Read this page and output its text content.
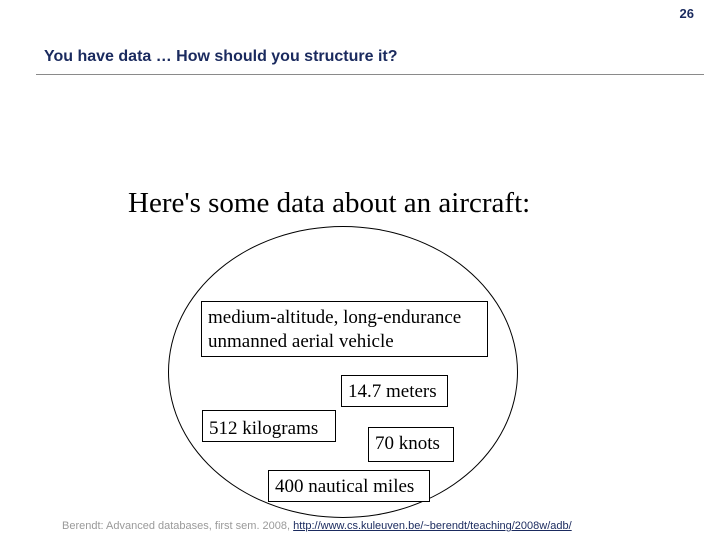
26
You have data … How should you structure it?
Here's some data about an aircraft:
medium-altitude, long-endurance
unmanned aerial vehicle
14.7 meters
512 kilograms
70 knots
400 nautical miles
Berendt: Advanced databases, first sem. 2008, http://www.cs.kuleuven.be/~berendt/teaching/2008w/adb/
